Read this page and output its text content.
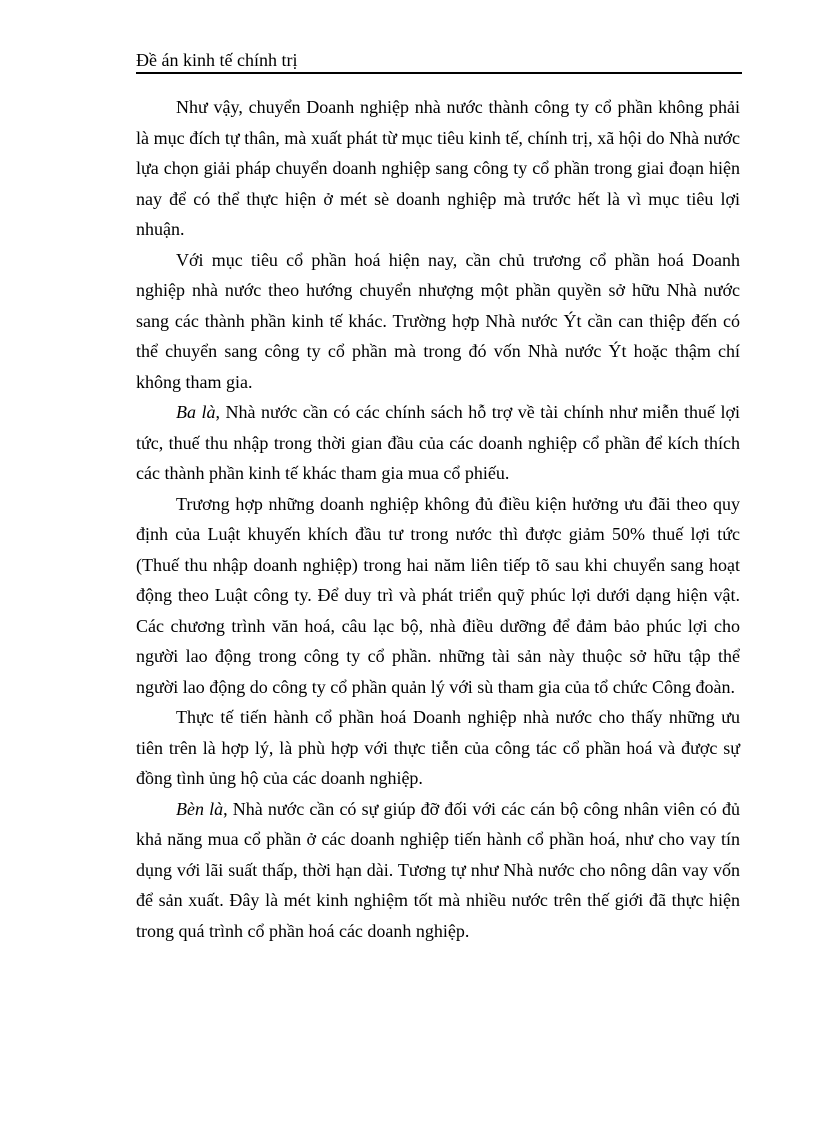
Đề án kinh tế chính trị

Như vậy, chuyển Doanh nghiệp nhà nước thành công ty cổ phần không phải là mục đích tự thân, mà xuất phát từ mục tiêu kinh tế, chính trị, xã hội do Nhà nước lựa chọn giải pháp chuyển doanh nghiệp sang công ty cổ phần trong giai đoạn hiện nay để có thể thực hiện ở mét sè doanh nghiệp mà trước hết là vì mục tiêu lợi nhuận.

Với mục tiêu cổ phần hoá hiện nay, cần chủ trương cổ phần hoá Doanh nghiệp nhà nước theo hướng chuyển nhượng một phần quyền sở hữu Nhà nước sang các thành phần kinh tế khác. Trường hợp Nhà nước Ýt cần can thiệp đến có thể chuyển sang công ty cổ phần mà trong đó vốn Nhà nước Ýt hoặc thậm chí không tham gia.

Ba là, Nhà nước cần có các chính sách hỗ trợ về tài chính như miễn thuế lợi tức, thuế thu nhập trong thời gian đầu của các doanh nghiệp cổ phần để kích thích các thành phần kinh tế khác tham gia mua cổ phiếu.

Trương hợp những doanh nghiệp không đủ điều kiện hưởng ưu đãi theo quy định của Luật khuyến khích đầu tư trong nước thì được giảm 50% thuế lợi tức (Thuế thu nhập doanh nghiệp) trong hai năm liên tiếp tõ sau khi chuyển sang hoạt động theo Luật công ty. Để duy trì và phát triển quỹ phúc lợi dưới dạng hiện vật. Các chương trình văn hoá, câu lạc bộ, nhà điều dưỡng để đảm bảo phúc lợi cho người lao động trong công ty cổ phần. những tài sản này thuộc sở hữu tập thể người lao động do công ty cổ phần quản lý với sù tham gia của tổ chức Công đoàn.

Thực tế tiến hành cổ phần hoá Doanh nghiệp nhà nước cho thấy những ưu tiên trên là hợp lý, là phù hợp với thực tiễn của công tác cổ phần hoá và được sự đồng tình ủng hộ của các doanh nghiệp.

Bèn là, Nhà nước cần có sự giúp đỡ đối với các cán bộ công nhân viên có đủ khả năng mua cổ phần ở các doanh nghiệp tiến hành cổ phần hoá, như cho vay tín dụng với lãi suất thấp, thời hạn dài. Tương tự như Nhà nước cho nông dân vay vốn để sản xuất. Đây là mét kinh nghiệm tốt mà nhiều nước trên thế giới đã thực hiện trong quá trình cổ phần hoá các doanh nghiệp.
